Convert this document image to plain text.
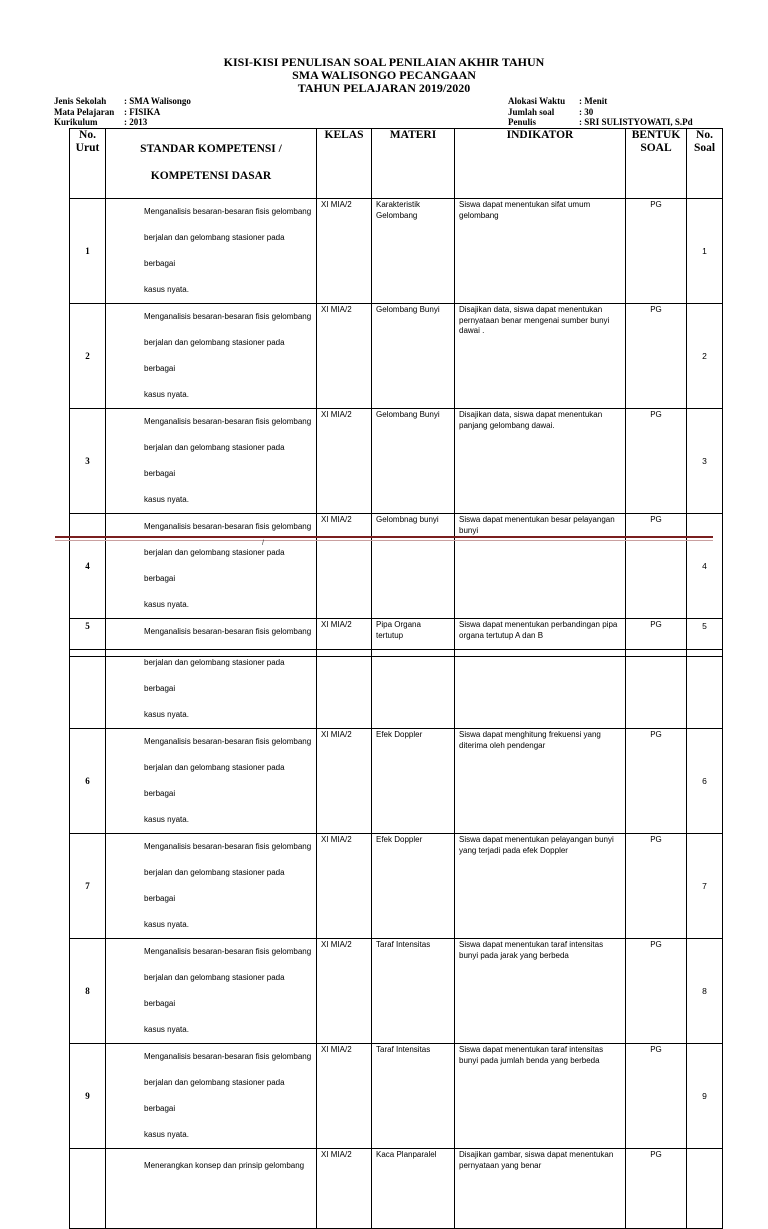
KISI-KISI PENULISAN SOAL PENILAIAN AKHIR TAHUN
SMA WALISONGO PECANGAAN
TAHUN PELAJARAN 2019/2020
Jenis Sekolah : SMA Walisongo
Mata Pelajaran : FISIKA
Kurikulum	: 2013
Alokasi Waktu : Menit
Jumlah soal	: 30
Penulis	: SRI SULISTYOWATI, S.Pd
No. Urut	STANDAR KOMPETENSI /
KOMPETENSI DASAR	KELAS	MATERI	INDIKATOR	BENTUK SOAL	No. Soal
1	Menganalisis besaran-besaran fisis gelombang
berjalan dan gelombang stasioner pada berbagai
kasus nyata.	XI MIA/2	Karakteristik Gelombang	Siswa dapat menentukan sifat umum gelombang	PG	1
2	Menganalisis besaran-besaran fisis gelombang
berjalan dan gelombang stasioner pada berbagai
kasus nyata.	XI MIA/2	Gelombang Bunyi	Disajikan data, siswa dapat menentukan pernyataan benar mengenai sumber bunyi dawai .	PG	2
3	Menganalisis besaran-besaran fisis gelombang
berjalan dan gelombang stasioner pada berbagai
kasus nyata.	XI MIA/2	Gelombang Bunyi	Disajikan data, siswa dapat menentukan panjang gelombang dawai.	PG	3
4	Menganalisis besaran-besaran fisis gelombang
berjalan dan gelombang stasioner pada berbagai
kasus nyata.	XI MIA/2	Gelombnag bunyi	Siswa dapat menentukan besar pelayangan bunyi	PG	4
5	Menganalisis besaran-besaran fisis gelombang	XI MIA/2	Pipa Organa tertutup	Siswa dapat menentukan perbandingan pipa organa tertutup A dan B	PG	5
/

	berjalan dan gelombang stasioner pada berbagai
kasus nyata.					

6	Menganalisis besaran-besaran fisis gelombang
berjalan dan gelombang stasioner pada berbagai
kasus nyata.	XI MIA/2	Efek Doppler	Siswa dapat menghitung frekuensi yang diterima oleh pendengar	PG	6
7	Menganalisis besaran-besaran fisis gelombang
berjalan dan gelombang stasioner pada berbagai
kasus nyata.	XI MIA/2	Efek Doppler	Siswa dapat menentukan pelayangan bunyi yang terjadi pada efek Doppler	PG	7
8	Menganalisis besaran-besaran fisis gelombang
berjalan dan gelombang stasioner pada berbagai
kasus nyata.	XI MIA/2	Taraf Intensitas	Siswa dapat menentukan taraf intensitas bunyi pada jarak yang berbeda	PG	8
9	Menganalisis besaran-besaran fisis gelombang
berjalan dan gelombang stasioner pada berbagai
kasus nyata.	XI MIA/2	Taraf Intensitas	Siswa dapat menentukan taraf intensitas bunyi pada jumlah benda yang berbeda	PG	9

	Menerangkan konsep dan prinsip gelombang	XI MIA/2	Kaca Planparalel	Disajikan gambar, siswa dapat menentukan pernyataan yang benar	PG	
